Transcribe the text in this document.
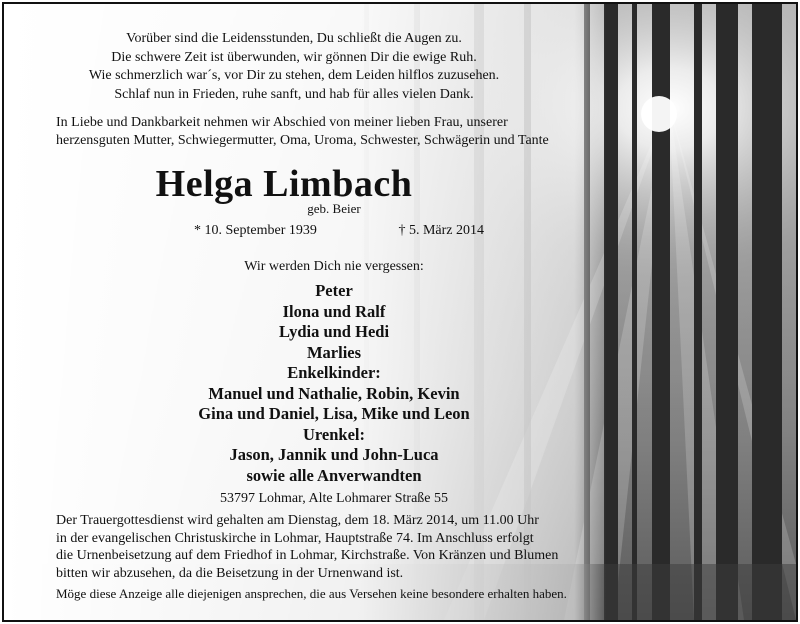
Vorüber sind die Leidensstunden, Du schließt die Augen zu.
Die schwere Zeit ist überwunden, wir gönnen Dir die ewige Ruh.
Wie schmerzlich war´s, vor Dir zu stehen, dem Leiden hilflos zuzusehen.
Schlaf nun in Frieden, ruhe sanft, und hab für alles vielen Dank.
In Liebe und Dankbarkeit nehmen wir Abschied von meiner lieben Frau, unserer
herzensguten Mutter, Schwiegermutter, Oma, Uroma, Schwester, Schwägerin und Tante
Helga Limbach
geb. Beier
* 10. September 1939	† 5. März 2014
Wir werden Dich nie vergessen:
Peter
Ilona und Ralf
Lydia und Hedi
Marlies
Enkelkinder:
Manuel und Nathalie, Robin, Kevin
Gina und Daniel, Lisa, Mike und Leon
Urenkel:
Jason, Jannik und John-Luca
sowie alle Anverwandten
53797 Lohmar, Alte Lohmarer Straße 55
Der Trauergottesdienst wird gehalten am Dienstag, dem 18. März 2014, um 11.00 Uhr
in der evangelischen Christuskirche in Lohmar, Hauptstraße 74. Im Anschluss erfolgt
die Urnenbeisetzung auf dem Friedhof in Lohmar, Kirchstraße. Von Kränzen und Blumen
bitten wir abzusehen, da die Beisetzung in der Urnenwand ist.
Möge diese Anzeige alle diejenigen ansprechen, die aus Versehen keine besondere erhalten haben.
